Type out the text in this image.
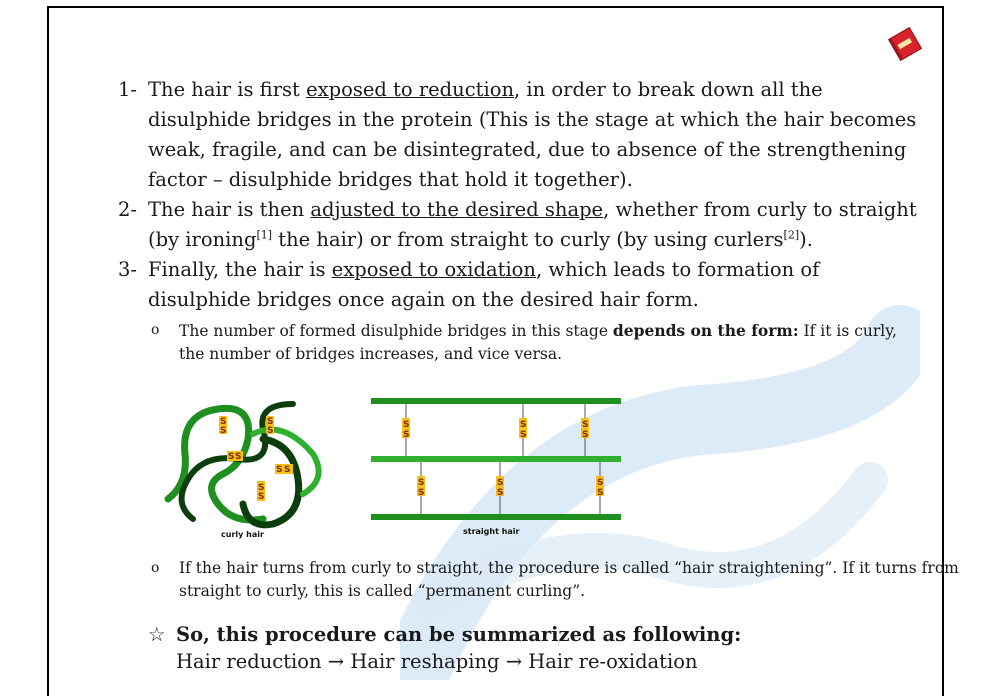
1- The hair is first exposed to reduction, in order to break down all the disulphide bridges in the protein (This is the stage at which the hair becomes weak, fragile, and can be disintegrated, due to absence of the strengthening factor – disulphide bridges that hold it together).
2- The hair is then adjusted to the desired shape, whether from curly to straight (by ironing[1] the hair) or from straight to curly (by using curlers[2]).
3- Finally, the hair is exposed to oxidation, which leads to formation of disulphide bridges once again on the desired hair form.
o The number of formed disulphide bridges in this stage depends on the form: If it is curly, the number of bridges increases, and vice versa.
S
S
S
S
S S
S S
S
S
curly hair
S
S
S
S
S
S
S
S
S
S
S
S
straight hair
o If the hair turns from curly to straight, the procedure is called “hair straightening”. If it turns from straight to curly, this is called “permanent curling”.
☆ So, this procedure can be summarized as following:
Hair reduction → Hair reshaping → Hair re-oxidation
